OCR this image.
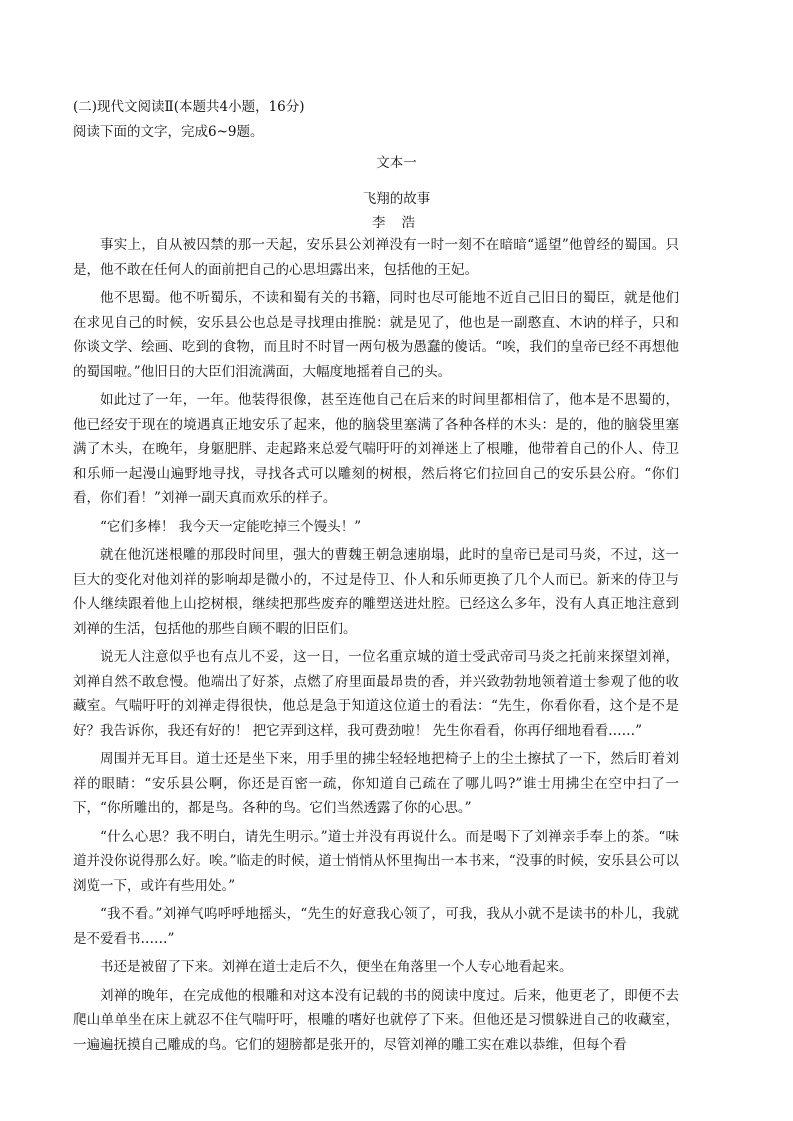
(二)现代文阅读Ⅱ(本题共4小题，16分)

阅读下面的文字，完成6~9题。

文本一

飞翔的故事

李 浩

事实上，自从被囚禁的那一天起，安乐县公刘禅没有一时一刻不在暗暗“遥望”他曾经的蜀国。只是，他不敢在任何人的面前把自己的心思坦露出来，包括他的王妃。

他不思蜀。他不听蜀乐，不读和蜀有关的书籍，同时也尽可能地不近自己旧日的蜀臣，就是他们在求见自己的时候，安乐县公也总是寻找理由推脱：就是见了，他也是一副憨直、木讷的样子，只和你谈文学、绘画、吃到的食物，而且时不时冒一两句极为愚蠢的傻话。“唉，我们的皇帝已经不再想他的蜀国啦。”他旧日的大臣们泪流满面，大幅度地摇着自己的头。

如此过了一年，一年。他装得很像，甚至连他自己在后来的时间里都相信了，他本是不思蜀的，他已经安于现在的境遇真正地安乐了起来，他的脑袋里塞满了各种各样的木头：是的，他的脑袋里塞满了木头，在晚年，身躯肥胖、走起路来总爱气喘吁吁的刘禅迷上了根雕，他带着自己的仆人、侍卫和乐师一起漫山遍野地寻找，寻找各式可以雕刻的树根，然后将它们拉回自己的安乐县公府。“你们看，你们看！”刘禅一副天真而欢乐的样子。

“它们多棒！ 我今天一定能吃掉三个馒头！”

就在他沉迷根雕的那段时间里，强大的曹魏王朝急速崩塌，此时的皇帝已是司马炎，不过，这一巨大的变化对他刘祥的影响却是微小的，不过是侍卫、仆人和乐师更换了几个人而已。新来的侍卫与仆人继续跟着他上山挖树根，继续把那些废弃的雕塑送进灶腔。已经这么多年，没有人真正地注意到刘禅的生活，包括他的那些自顾不暇的旧臣们。

说无人注意似乎也有点儿不妥，这一日，一位名重京城的道士受武帝司马炎之托前来探望刘禅，刘禅自然不敢怠慢。他端出了好茶，点燃了府里面最昂贵的香，并兴致勃勃地领着道士参观了他的收藏室。气喘吁吁的刘禅走得很快，他总是急于知道这位道士的看法：“先生，你看你看，这个是不是好？我告诉你，我还有好的！ 把它弄到这样，我可费劲啦！ 先生你看看，你再仔细地看看……”

周围并无耳目。道士还是坐下来，用手里的拂尘轻轻地把椅子上的尘土擦拭了一下，然后盯着刘祥的眼睛：“安乐县公啊，你还是百密一疏，你知道自己疏在了哪儿吗?”谁士用拂尘在空中扫了一下，“你所雕出的，都是鸟。各种的鸟。它们当然透露了你的心思。”

“什么心思？我不明白，请先生明示。”道士并没有再说什么。而是喝下了刘禅亲手奉上的茶。“味道并没你说得那么好。唉。”临走的时候，道士悄悄从怀里掏出一本书来，“没事的时候，安乐县公可以浏览一下，或许有些用处。”

“我不看。”刘禅气呜呼呼地摇头，“先生的好意我心领了，可我，我从小就不是读书的朴儿，我就是不爱看书……”

书还是被留了下来。刘禅在道士走后不久，便坐在角落里一个人专心地看起来。

刘禅的晚年，在完成他的根雕和对这本没有记载的书的阅读中度过。后来，他更老了，即便不去爬山单单坐在床上就忍不住气喘吁吁，根雕的嗜好也就停了下来。但他还是习惯躲进自己的收藏室，一遍遍抚摸自己雕成的鸟。它们的翅膀都是张开的，尽管刘禅的雕工实在难以恭维，但每个看
